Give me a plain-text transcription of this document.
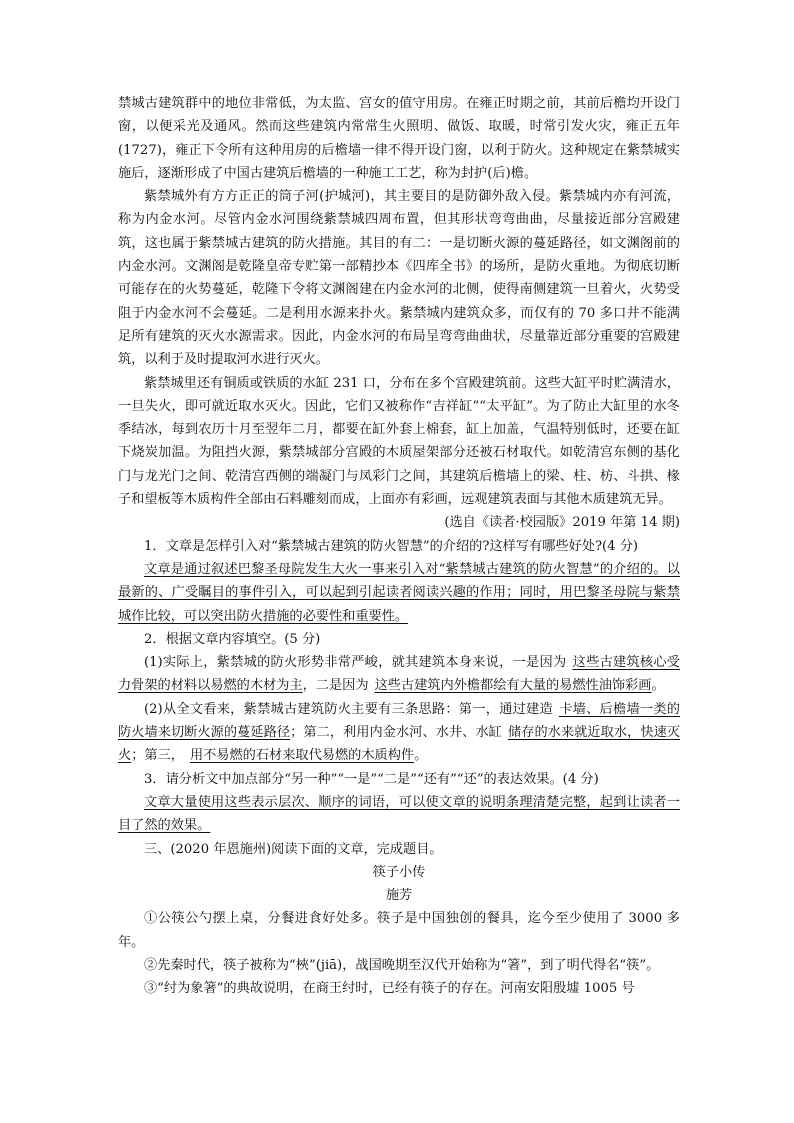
禁城古建筑群中的地位非常低，为太监、宫女的值守用房。在雍正时期之前，其前后檐均开设门窗，以便采光及通风。然而这些建筑内常常生火照明、做饭、取暖，时常引发火灾，雍正五年(1727)，雍正下令所有这种用房的后檐墙一律不得开设门窗，以利于防火。这种规定在紫禁城实施后，逐渐形成了中国古建筑后檐墙的一种施工工艺，称为封护(后)檐。

紫禁城外有方方正正的筒子河(护城河)，其主要目的是防御外敌入侵。紫禁城内亦有河流，称为内金水河。尽管内金水河围绕紫禁城四周布置，但其形状弯弯曲曲，尽量接近部分宫殿建筑，这也属于紫禁城古建筑的防火措施。其目的有二：一是切断火源的蔓延路径，如文渊阁前的内金水河。文渊阁是乾隆皇帝专贮第一部精抄本《四库全书》的场所，是防火重地。为彻底切断可能存在的火势蔓延，乾隆下令将文渊阁建在内金水河的北侧，使得南侧建筑一旦着火，火势受阻于内金水河不会蔓延。二是利用水源来扑火。紫禁城内建筑众多，而仅有的 70 多口井不能满足所有建筑的灭火水源需求。因此，内金水河的布局呈弯弯曲曲状，尽量靠近部分重要的宫殿建筑，以利于及时提取河水进行灭火。

紫禁城里还有铜质或铁质的水缸 231 口，分布在多个宫殿建筑前。这些大缸平时贮满清水，一旦失火，即可就近取水灭火。因此，它们又被称作“吉祥缸”“太平缸”。为了防止大缸里的水冬季结冰，每到农历十月至翌年二月，都要在缸外套上棉套，缸上加盖，气温特别低时，还要在缸下烧炭加温。为阻挡火源，紫禁城部分宫殿的木质屋架部分还被石材取代。如乾清宫东侧的基化门与龙光门之间、乾清宫西侧的端凝门与凤彩门之间，其建筑后檐墙上的梁、柱、枋、斗拱、椽子和望板等木质构件全部由石料雕刻而成，上面亦有彩画，远观建筑表面与其他木质建筑无异。

(选自《读者·校园版》2019 年第 14 期)

1．文章是怎样引入对“紫禁城古建筑的防火智慧”的介绍的?这样写有哪些好处?(4 分)

文章是通过叙述巴黎圣母院发生大火一事来引入对“紫禁城古建筑的防火智慧”的介绍的。以最新的、广受瞩目的事件引入，可以起到引起读者阅读兴趣的作用；同时，用巴黎圣母院与紫禁城作比较，可以突出防火措施的必要性和重要性。

2．根据文章内容填空。(5 分)

(1)实际上，紫禁城的防火形势非常严峻，就其建筑本身来说，一是因为 这些古建筑核心受力骨架的材料以易燃的木材为主，二是因为 这些古建筑内外檐都绘有大量的易燃性油饰彩画。

(2)从全文看来，紫禁城古建筑防火主要有三条思路：第一，通过建造 卡墙、后檐墙一类的防火墙来切断火源的蔓延路径；第二，利用内金水河、水井、水缸 储存的水来就近取水，快速灭火；第三， 用不易燃的石材来取代易燃的木质构件。

3．请分析文中加点部分“另一种”“一是”“二是”“还有”“还”的表达效果。(4 分)

文章大量使用这些表示层次、顺序的词语，可以使文章的说明条理清楚完整，起到让读者一目了然的效果。

三、(2020 年恩施州)阅读下面的文章，完成题目。

筷子小传

施芳

①公筷公勺摆上桌，分餐进食好处多。筷子是中国独创的餐具，迄今至少使用了 3000 多年。

②先秦时代，筷子被称为“梜”(jiā)，战国晚期至汉代开始称为“箸”，到了明代得名“筷”。

③“纣为象箸”的典故说明，在商王纣时，已经有筷子的存在。河南安阳殷墟 1005 号
